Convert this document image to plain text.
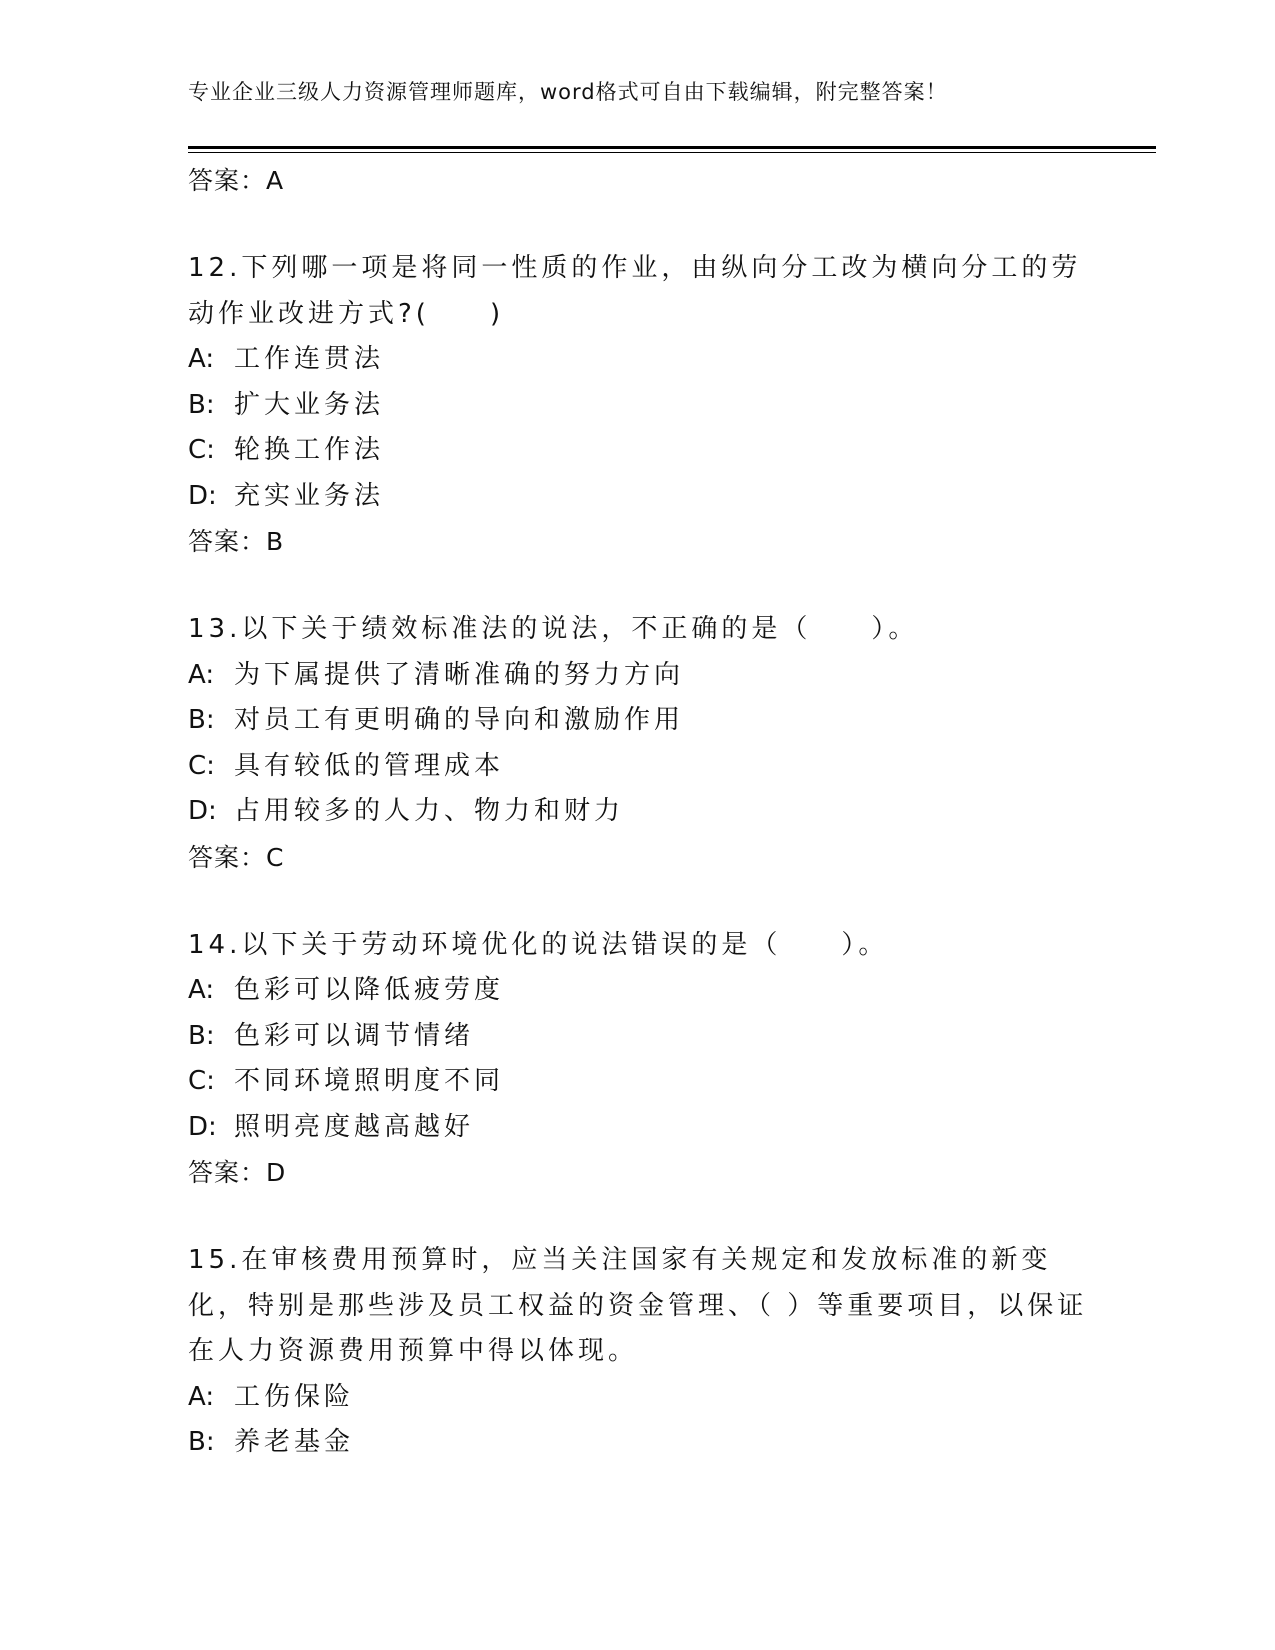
专业企业三级人力资源管理师题库，word格式可自由下载编辑，附完整答案！
答案：A
12.下列哪一项是将同一性质的作业，由纵向分工改为横向分工的劳动作业改进方式?(　　)
A: 工作连贯法
B: 扩大业务法
C: 轮换工作法
D: 充实业务法
答案：B
13.以下关于绩效标准法的说法，不正确的是（　　）。
A: 为下属提供了清晰准确的努力方向
B: 对员工有更明确的导向和激励作用
C: 具有较低的管理成本
D: 占用较多的人力、物力和财力
答案：C
14.以下关于劳动环境优化的说法错误的是（　　）。
A: 色彩可以降低疲劳度
B: 色彩可以调节情绪
C: 不同环境照明度不同
D: 照明亮度越高越好
答案：D
15.在审核费用预算时，应当关注国家有关规定和发放标准的新变化，特别是那些涉及员工权益的资金管理、（ ）等重要项目，以保证在人力资源费用预算中得以体现。
A: 工伤保险
B: 养老基金
